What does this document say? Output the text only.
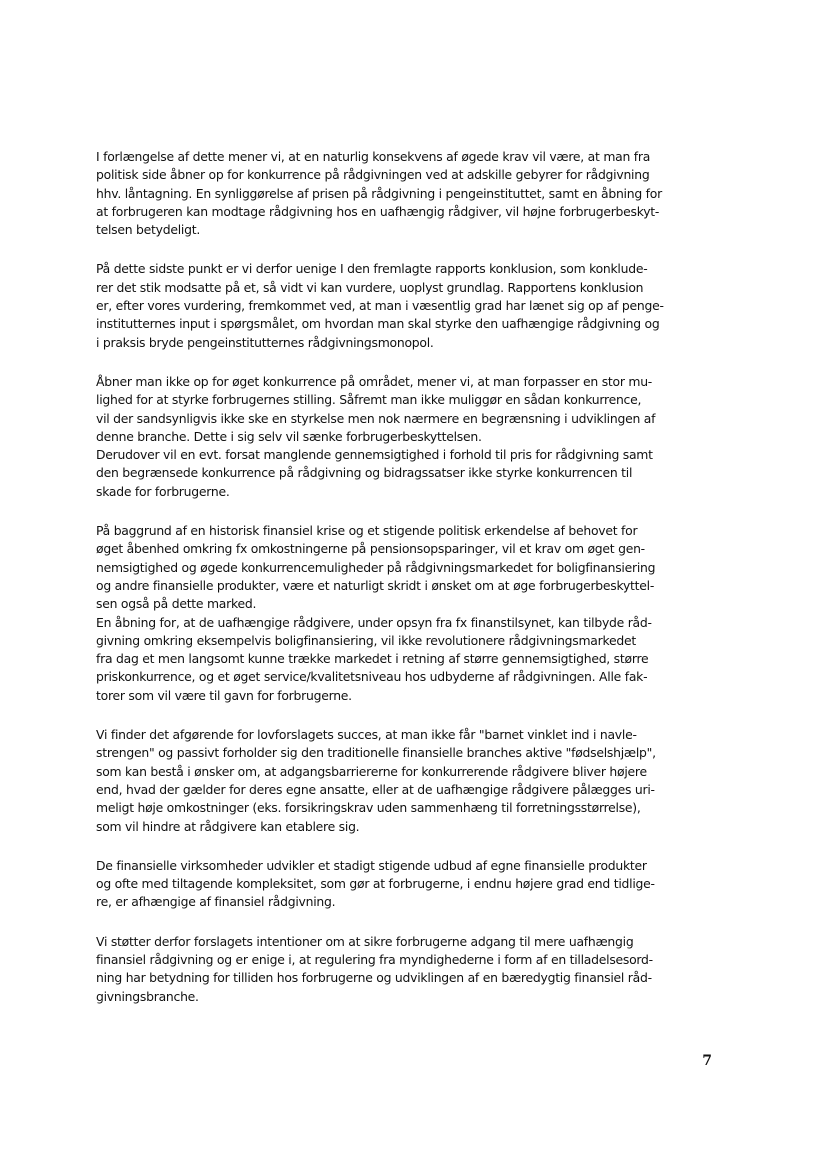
I forlængelse af dette mener vi, at en naturlig konsekvens af øgede krav vil være, at man fra
politisk side åbner op for konkurrence på rådgivningen ved at adskille gebyrer for rådgivning
hhv. låntagning. En synliggørelse af prisen på rådgivning i pengeinstituttet, samt en åbning for
at forbrugeren kan modtage rådgivning hos en uafhængig rådgiver, vil højne forbrugerbeskyt-
telsen betydeligt.
På dette sidste punkt er vi derfor uenige I den fremlagte rapports konklusion, som konklude-
rer det stik modsatte på et, så vidt vi kan vurdere, uoplyst grundlag. Rapportens konklusion
er, efter vores vurdering, fremkommet ved, at man i væsentlig grad har lænet sig op af penge-
institutternes input i spørgsmålet, om hvordan man skal styrke den uafhængige rådgivning og
i praksis bryde pengeinstitutternes rådgivningsmonopol.
Åbner man ikke op for øget konkurrence på området, mener vi, at man forpasser en stor mu-
lighed for at styrke forbrugernes stilling. Såfremt man ikke muliggør en sådan konkurrence,
vil der sandsynligvis ikke ske en styrkelse men nok nærmere en begrænsning i udviklingen af
denne branche. Dette i sig selv vil sænke forbrugerbeskyttelsen.
Derudover vil en evt. forsat manglende gennemsigtighed i forhold til pris for rådgivning samt
den begrænsede konkurrence på rådgivning og bidragssatser ikke styrke konkurrencen til
skade for forbrugerne.
På baggrund af en historisk finansiel krise og et stigende politisk erkendelse af behovet for
øget åbenhed omkring fx omkostningerne på pensionsopsparinger, vil et krav om øget gen-
nemsigtighed og øgede konkurrencemuligheder på rådgivningsmarkedet for boligfinansiering
og andre finansielle produkter, være et naturligt skridt i ønsket om at øge forbrugerbeskyttel-
sen også på dette marked.
En åbning for, at de uafhængige rådgivere, under opsyn fra fx finanstilsynet, kan tilbyde råd-
givning omkring eksempelvis boligfinansiering, vil ikke revolutionere rådgivningsmarkedet
fra dag et men langsomt kunne trække markedet i retning af større gennemsigtighed, større
priskonkurrence, og et øget service/kvalitetsniveau hos udbyderne af rådgivningen. Alle fak-
torer som vil være til gavn for forbrugerne.
Vi finder det afgørende for lovforslagets succes, at man ikke får "barnet vinklet ind i navle-
strengen" og passivt forholder sig den traditionelle finansielle branches aktive "fødselshjælp",
som kan bestå i ønsker om, at adgangsbarriererne for konkurrerende rådgivere bliver højere
end, hvad der gælder for deres egne ansatte, eller at de uafhængige rådgivere pålægges uri-
meligt høje omkostninger (eks. forsikringskrav uden sammenhæng til forretningsstørrelse),
som vil hindre at rådgivere kan etablere sig.
De finansielle virksomheder udvikler et stadigt stigende udbud af egne finansielle produkter
og ofte med tiltagende kompleksitet, som gør at forbrugerne, i endnu højere grad end tidlige-
re, er afhængige af finansiel rådgivning.
Vi støtter derfor forslagets intentioner om at sikre forbrugerne adgang til mere uafhængig
finansiel rådgivning og er enige i, at regulering fra myndighederne i form af en tilladelsesord-
ning har betydning for tilliden hos forbrugerne og udviklingen af en bæredygtig finansiel råd-
givningsbranche.
7
